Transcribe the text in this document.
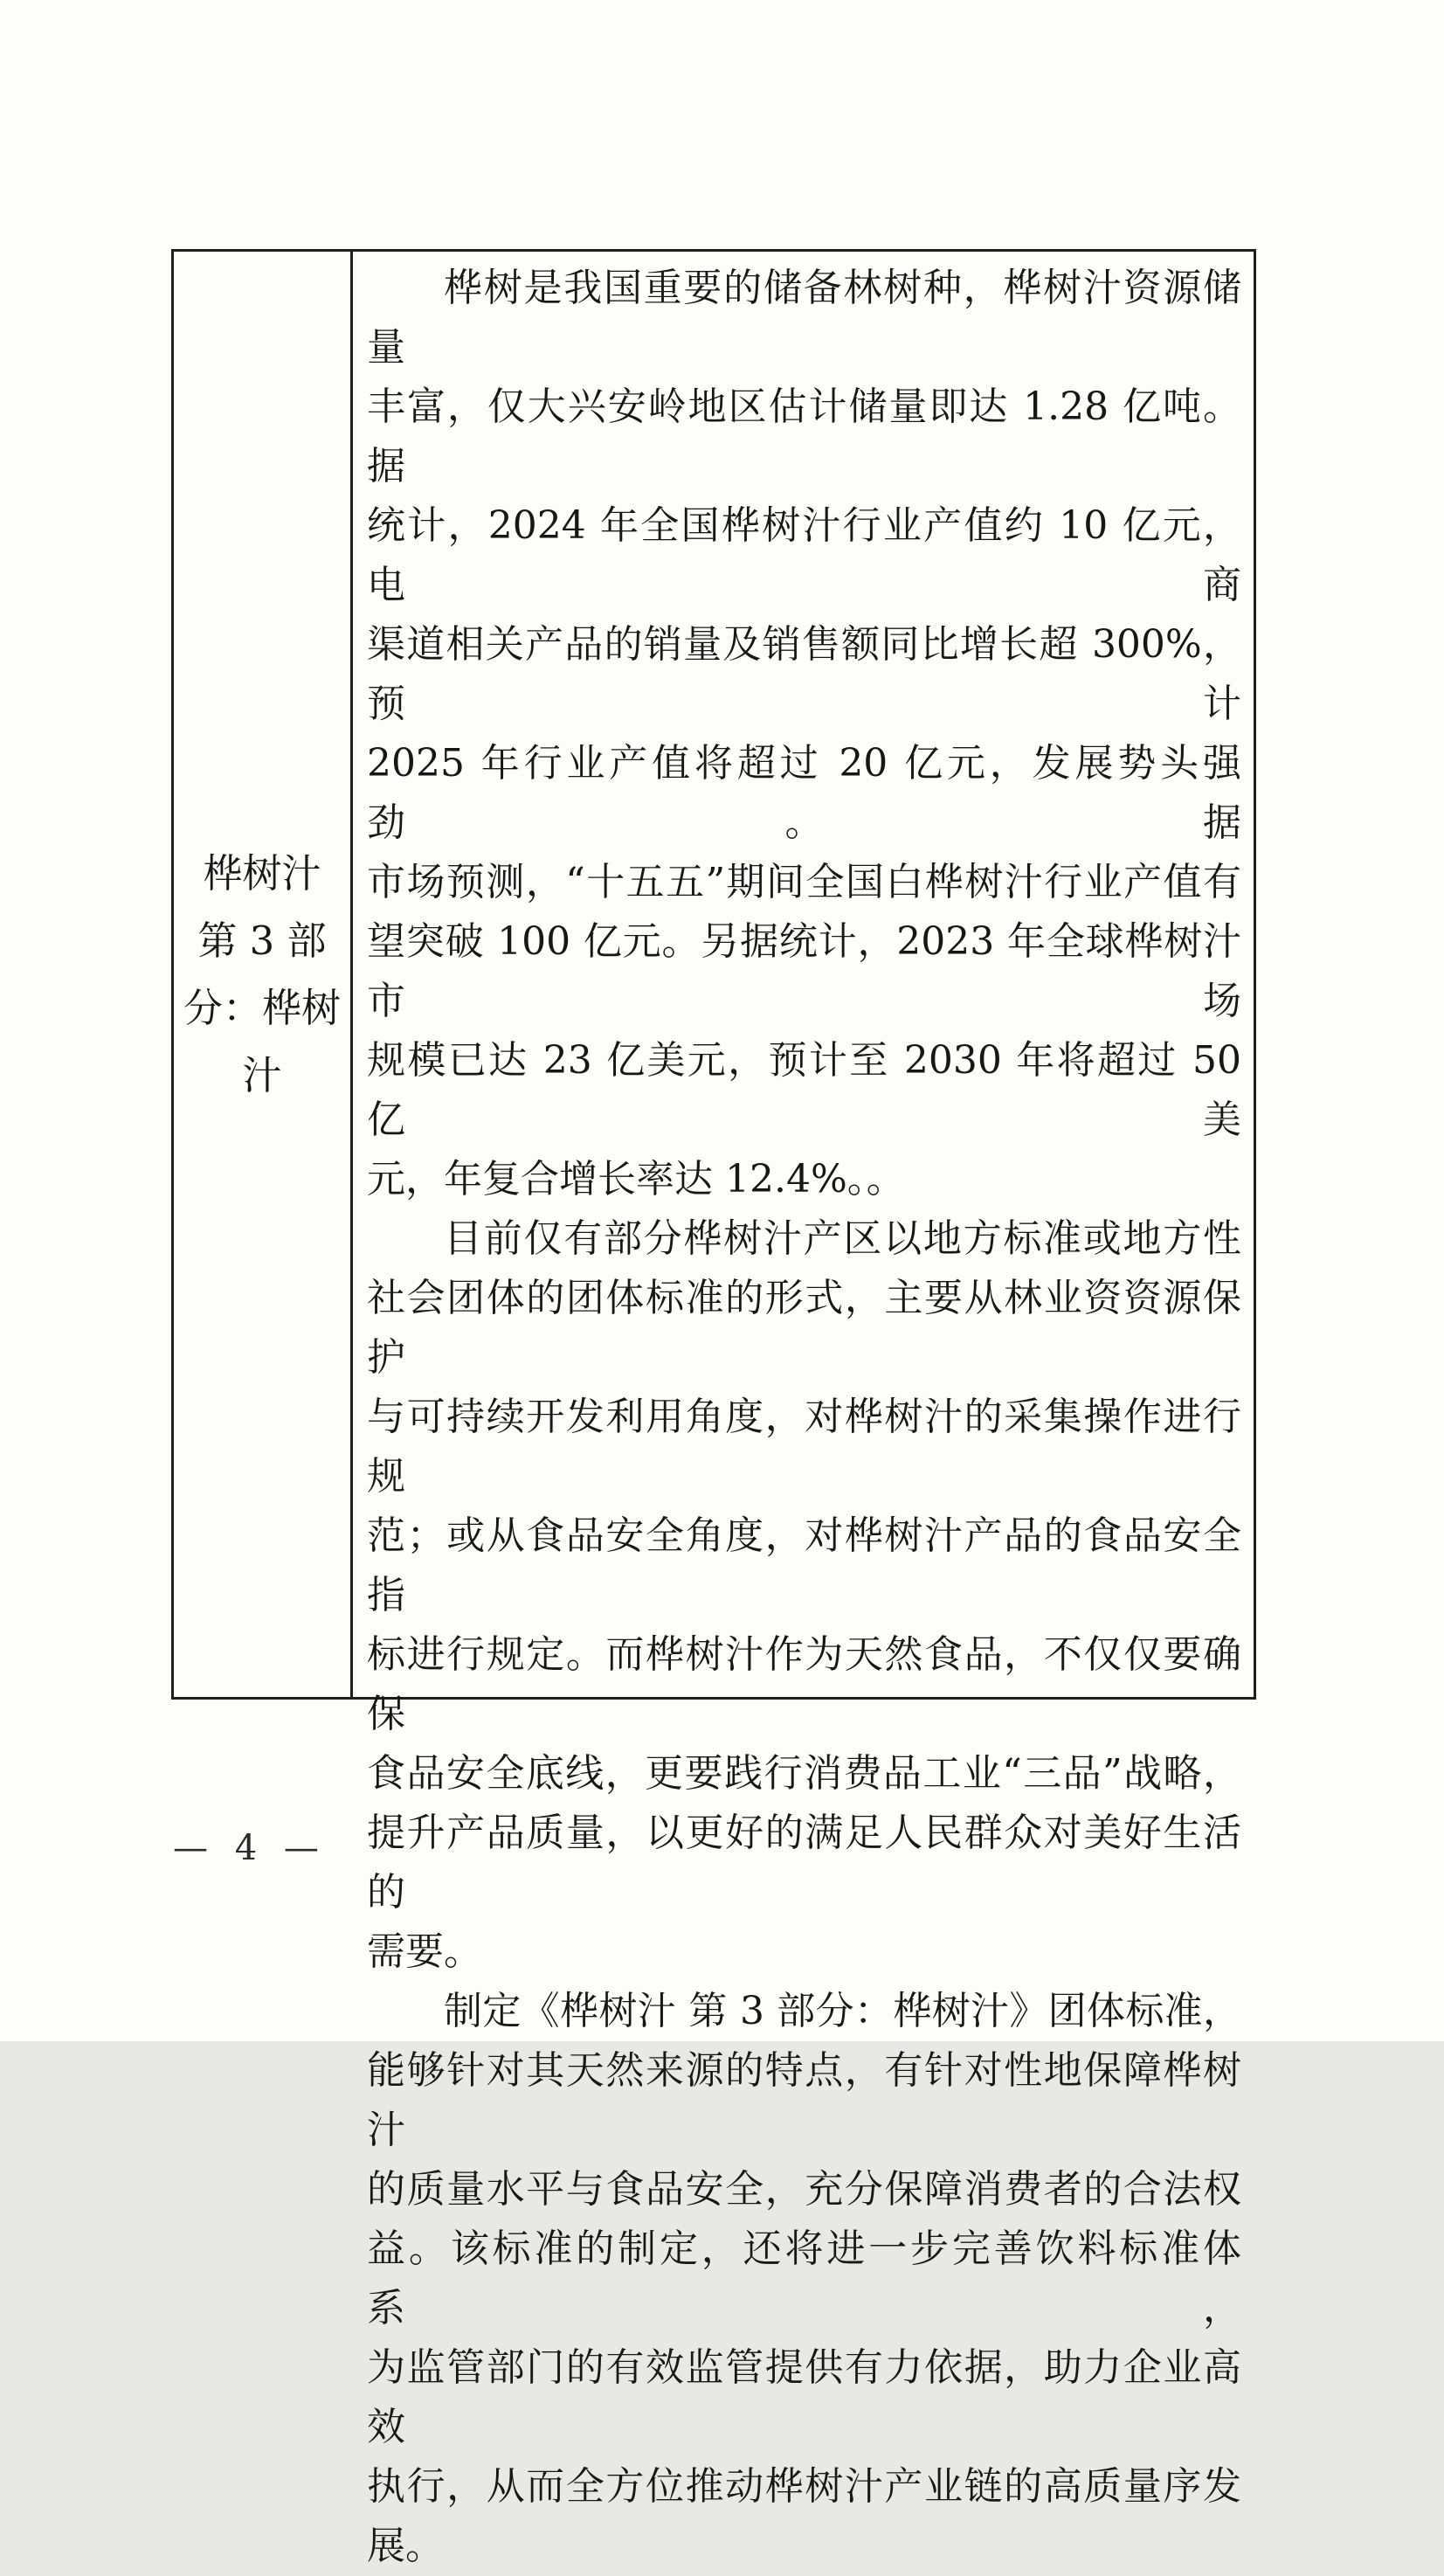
桦树汁
第 3 部
分：桦树
汁
桦树是我国重要的储备林树种，桦树汁资源储量
丰富，仅大兴安岭地区估计储量即达 1.28 亿吨。据
统计，2024 年全国桦树汁行业产值约 10 亿元，电商
渠道相关产品的销量及销售额同比增长超 300%，预计
2025 年行业产值将超过 20 亿元，发展势头强劲。据
市场预测，“十五五”期间全国白桦树汁行业产值有
望突破 100 亿元。另据统计，2023 年全球桦树汁市场
规模已达 23 亿美元，预计至 2030 年将超过 50 亿美
元，年复合增长率达 12.4%。。
目前仅有部分桦树汁产区以地方标准或地方性
社会团体的团体标准的形式，主要从林业资资源保护
与可持续开发利用角度，对桦树汁的采集操作进行规
范；或从食品安全角度，对桦树汁产品的食品安全指
标进行规定。而桦树汁作为天然食品，不仅仅要确保
食品安全底线，更要践行消费品工业“三品”战略，
提升产品质量，以更好的满足人民群众对美好生活的
需要。
制定《桦树汁 第 3 部分：桦树汁》团体标准，
能够针对其天然来源的特点，有针对性地保障桦树汁
的质量水平与食品安全，充分保障消费者的合法权
益。该标准的制定，还将进一步完善饮料标准体系，
为监管部门的有效监管提供有力依据，助力企业高效
执行，从而全方位推动桦树汁产业链的高质量序发
展。
— 4 —
